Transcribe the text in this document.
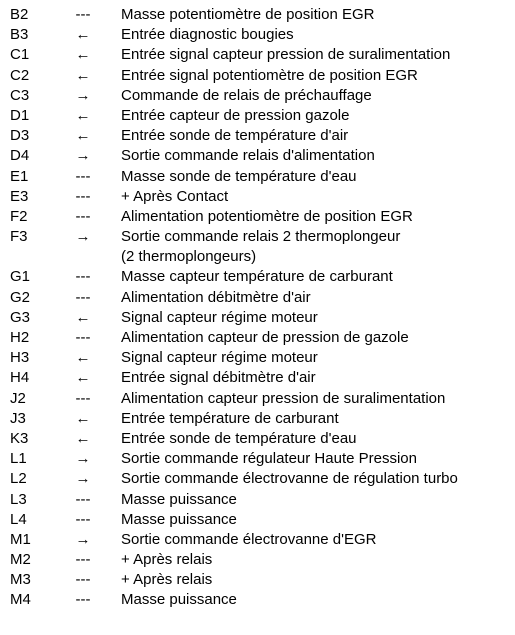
B2	--- Masse potentiomètre de position EGR
B3	← Entrée diagnostic bougies
C1	← Entrée signal capteur pression de suralimentation
C2	← Entrée signal potentiomètre de position EGR
C3	→ Commande de relais de préchauffage
D1	← Entrée capteur de pression gazole
D3	← Entrée sonde de température d'air
D4	→ Sortie commande relais d'alimentation
E1	--- Masse sonde de température d'eau
E3	--- + Après Contact
F2	--- Alimentation potentiomètre de position EGR
F3	→ Sortie commande relais 2 thermoplongeur
(2 thermoplongeurs)
G1	--- Masse capteur température de carburant
G2	--- Alimentation débitmètre d'air
G3	← Signal capteur régime moteur
H2	--- Alimentation capteur de pression de gazole
H3	← Signal capteur régime moteur
H4	← Entrée signal débitmètre d'air
J2	--- Alimentation capteur pression de suralimentation
J3	← Entrée température de carburant
K3	← Entrée sonde de température d'eau
L1	→ Sortie commande régulateur Haute Pression
L2	→ Sortie commande électrovanne de régulation turbo
L3	--- Masse puissance
L4	--- Masse puissance
M1	→ Sortie commande électrovanne d'EGR
M2	--- + Après relais
M3	--- + Après relais
M4	--- Masse puissance
